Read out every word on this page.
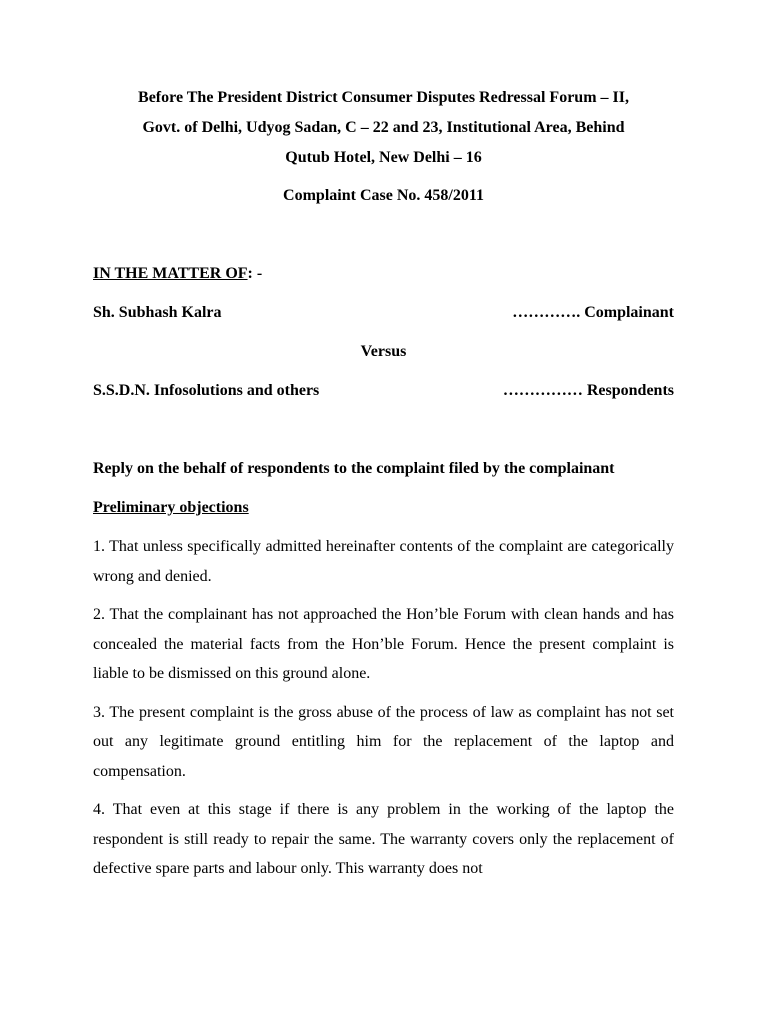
Before The President District Consumer Disputes Redressal Forum – II,
Govt. of Delhi, Udyog Sadan, C – 22 and 23, Institutional Area, Behind
Qutub Hotel, New Delhi – 16
Complaint Case No. 458/2011
IN THE MATTER OF: -
Sh. Subhash Kalra	…………. Complainant
Versus
S.S.D.N. Infosolutions and others	…………… Respondents
Reply on the behalf of respondents to the complaint filed by the complainant
Preliminary objections
1. That unless specifically admitted hereinafter contents of the complaint are categorically wrong and denied.
2. That the complainant has not approached the Hon’ble Forum with clean hands and has concealed the material facts from the Hon’ble Forum. Hence the present complaint is liable to be dismissed on this ground alone.
3. The present complaint is the gross abuse of the process of law as complaint has not set out any legitimate ground entitling him for the replacement of the laptop and compensation.
4. That even at this stage if there is any problem in the working of the laptop the respondent is still ready to repair the same. The warranty covers only the replacement of defective spare parts and labour only. This warranty does not
